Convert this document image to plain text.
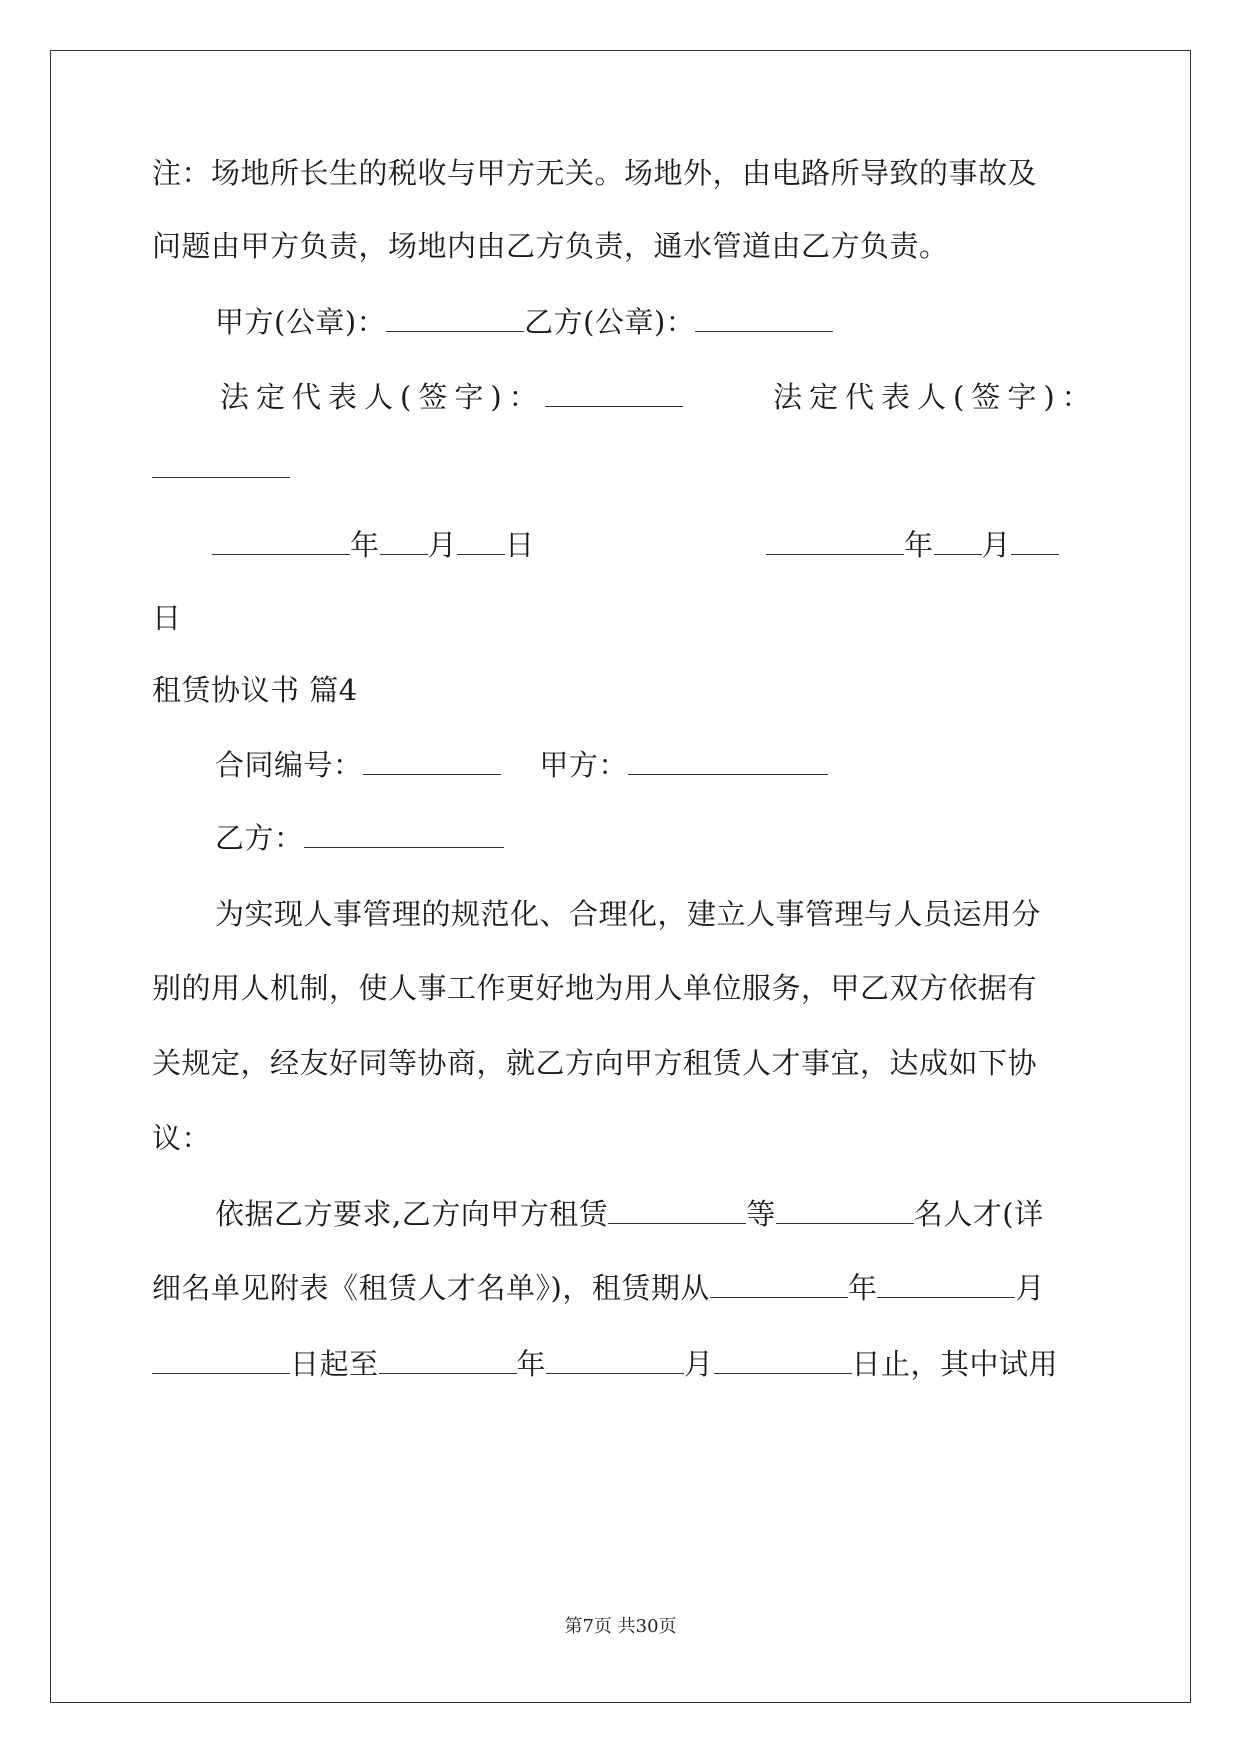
注：场地所长生的税收与甲方无关。场地外，由电路所导致的事故及
问题由甲方负责，场地内由乙方负责，通水管道由乙方负责。
甲方(公章)：	乙方(公章)：
法定代表人(签字)：	法定代表人(签字)：
年 月 日	年 月
日
租赁协议书 篇4
合同编号：	甲方：
乙方：
为实现人事管理的规范化、合理化，建立人事管理与人员运用分
别的用人机制，使人事工作更好地为用人单位服务，甲乙双方依据有
关规定，经友好同等协商，就乙方向甲方租赁人才事宜，达成如下协
议：
依据乙方要求,乙方向甲方租赁	等	名人才(详
细名单见附表《租赁人才名单》)，租赁期从	年	月
日起至	年	月	日止，其中试用
第7页 共30页
